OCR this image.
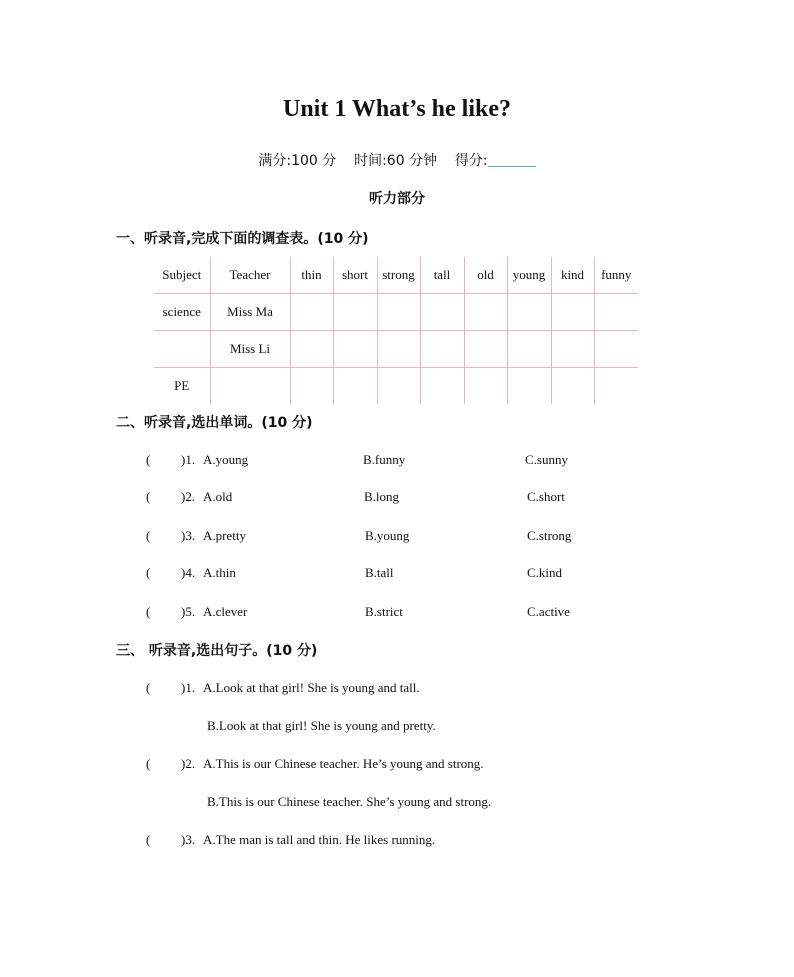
Unit 1 What’s he like?
满分:100 分 时间:60 分钟 得分:
听力部分
一、听录音,完成下面的调查表。(10 分)
Subject	Teacher	thin	short	strong	tall	old	young	kind	funny
science	Miss Ma								
	Miss Li								
PE									
二、听录音,选出单词。(10 分)
( )1. A.young	B.funny	C.sunny
( )2. A.old	B.long	C.short
( )3. A.pretty	B.young	C.strong
( )4. A.thin	B.tall	C.kind
( )5. A.clever	B.strict	C.active
三、 听录音,选出句子。(10 分)
( )1. A.Look at that girl! She is young and tall.
B.Look at that girl! She is young and pretty.
( )2. A.This is our Chinese teacher. He’s young and strong.
B.This is our Chinese teacher. She’s young and strong.
( )3. A.The man is tall and thin. He likes running.
